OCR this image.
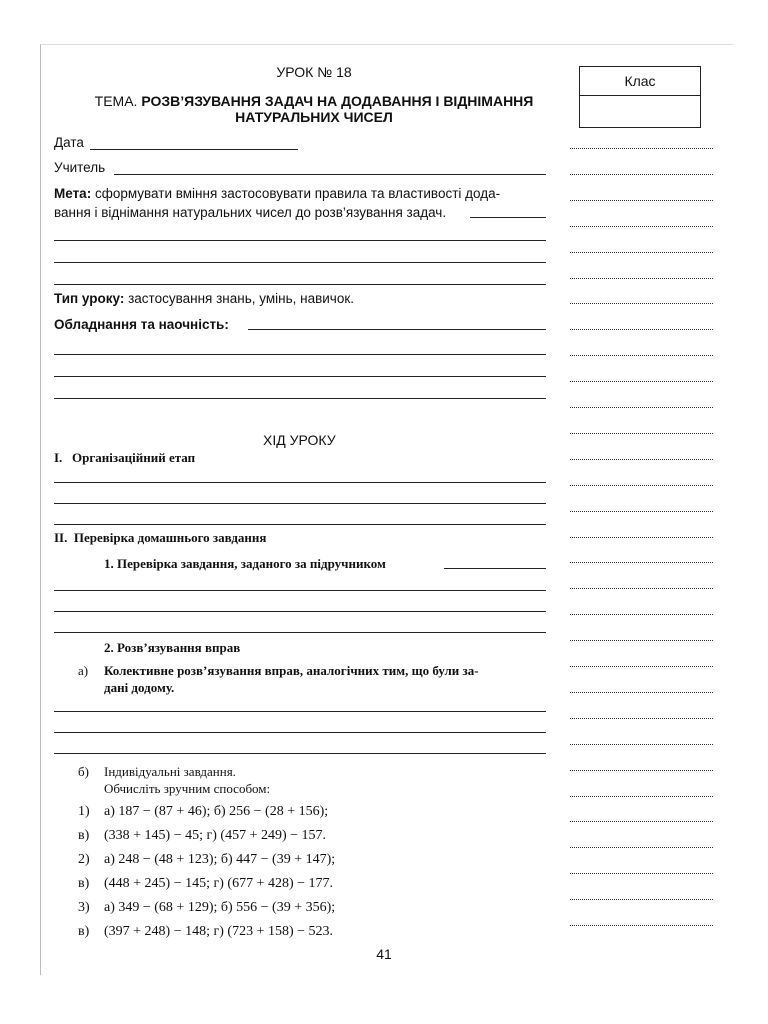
Клас
УРОК № 18
ТЕМА. РОЗВ’ЯЗУВАННЯ ЗАДАЧ НА ДОДАВАННЯ І ВІДНІМАННЯ
НАТУРАЛЬНИХ ЧИСЕЛ
Дата
Учитель
Мета: сформувати вміння застосовувати правила та властивості дода-
вання і віднімання натуральних чисел до розв’язування задач.
Тип уроку: застосування знань, умінь, навичок.
Обладнання та наочність:
ХІД УРОКУ
І.   Організаційний етап
ІІ.  Перевірка домашнього завдання
1. Перевірка завдання, заданого за підручником
2. Розв’язування вправ
а) Колективне розв’язування вправ, аналогічних тим, що були за-
дані додому.
б) Індивідуальні завдання.
Обчисліть зручним способом:
1) а) 187 − (87 + 46); б) 256 − (28 + 156);
в) (338 + 145) − 45; г) (457 + 249) − 157.
2) а) 248 − (48 + 123); б) 447 − (39 + 147);
в) (448 + 245) − 145; г) (677 + 428) − 177.
3) а) 349 − (68 + 129); б) 556 − (39 + 356);
в) (397 + 248) − 148; г) (723 + 158) − 523.
41
